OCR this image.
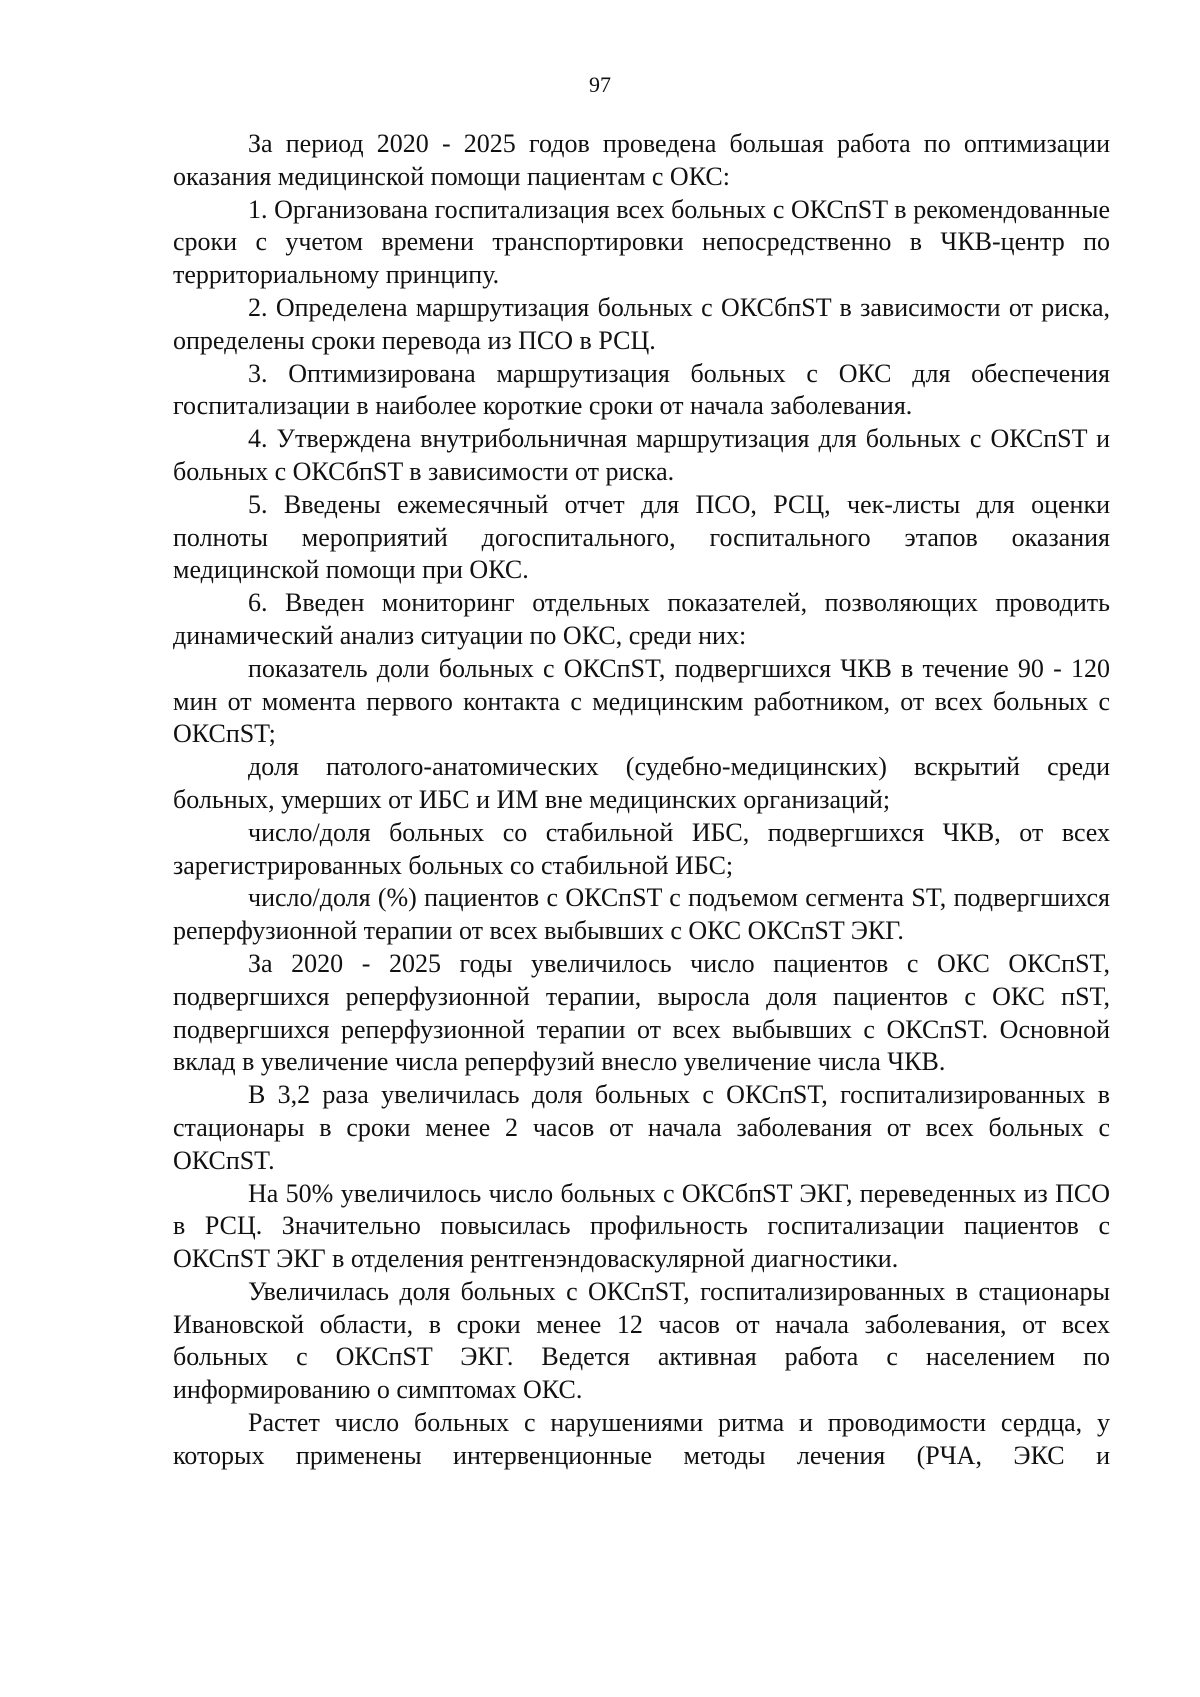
97

За период 2020 - 2025 годов проведена большая работа по оптимизации оказания медицинской помощи пациентам с ОКС:

1. Организована госпитализация всех больных с ОКСпST в рекомендованные сроки с учетом времени транспортировки непосредственно в ЧКВ-центр по территориальному принципу.

2. Определена маршрутизация больных с ОКСбпST в зависимости от риска, определены сроки перевода из ПСО в РСЦ.

3. Оптимизирована маршрутизация больных с ОКС для обеспечения госпитализации в наиболее короткие сроки от начала заболевания.

4. Утверждена внутрибольничная маршрутизация для больных с ОКСпST и больных с ОКСбпST в зависимости от риска.

5. Введены ежемесячный отчет для ПСО, РСЦ, чек-листы для оценки полноты мероприятий догоспитального, госпитального этапов оказания медицинской помощи при ОКС.

6. Введен мониторинг отдельных показателей, позволяющих проводить динамический анализ ситуации по ОКС, среди них:

показатель доли больных с ОКСпST, подвергшихся ЧКВ в течение 90 - 120 мин от момента первого контакта с медицинским работником, от всех больных с ОКСпST;

доля патолого-анатомических (судебно-медицинских) вскрытий среди больных, умерших от ИБС и ИМ вне медицинских организаций;

число/доля больных со стабильной ИБС, подвергшихся ЧКВ, от всех зарегистрированных больных со стабильной ИБС;

число/доля (%) пациентов с ОКСпST с подъемом сегмента ST, подвергшихся реперфузионной терапии от всех выбывших с ОКС ОКСпST ЭКГ.

За 2020 - 2025 годы увеличилось число пациентов с ОКС ОКСпST, подвергшихся реперфузионной терапии, выросла доля пациентов с ОКС пST, подвергшихся реперфузионной терапии от всех выбывших с ОКСпST. Основной вклад в увеличение числа реперфузий внесло увеличение числа ЧКВ.

В 3,2 раза увеличилась доля больных с ОКСпST, госпитализированных в стационары в сроки менее 2 часов от начала заболевания от всех больных с ОКСпST.

На 50% увеличилось число больных с ОКСбпST ЭКГ, переведенных из ПСО в РСЦ. Значительно повысилась профильность госпитализации пациентов с ОКСпST ЭКГ в отделения рентгенэндоваскулярной диагностики.

Увеличилась доля больных с ОКСпST, госпитализированных в стационары Ивановской области, в сроки менее 12 часов от начала заболевания, от всех больных с ОКСпST ЭКГ. Ведется активная работа с населением по информированию о симптомах ОКС.

Растет число больных с нарушениями ритма и проводимости сердца, у которых применены интервенционные методы лечения (РЧА, ЭКС и
